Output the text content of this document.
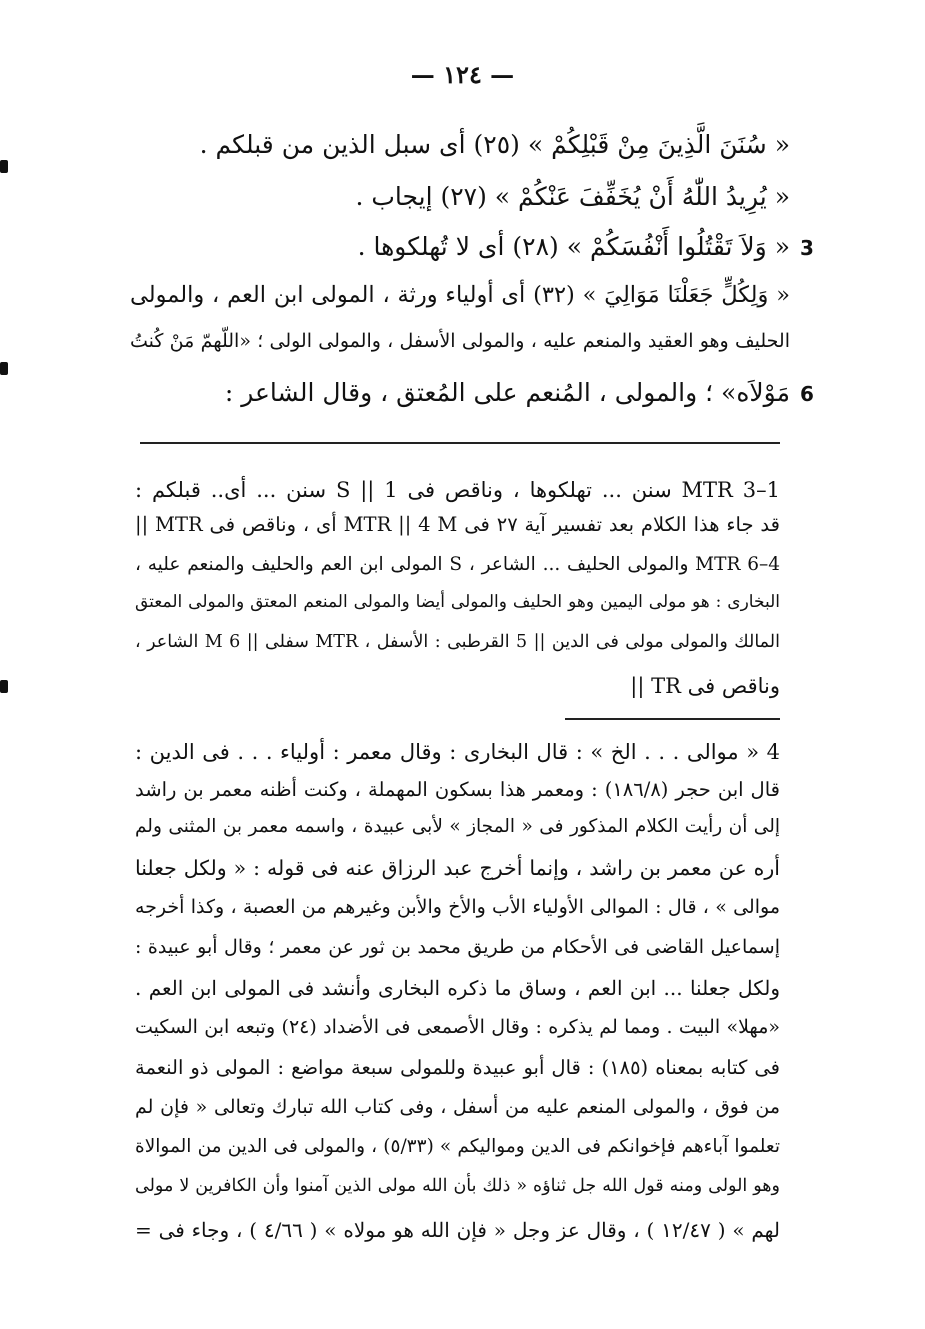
— ١٢٤ —
« سُنَنَ الَّذِينَ مِنْ قَبْلِكُمْ » (٢٥) أى سبل الذين من قبلكم .
« يُرِيدُ اللّٰهُ أَنْ يُخَفِّفَ عَنْكُمْ » (٢٧) إيجاب .
« وَلاَ تَقْتُلُوا أَنْفُسَكُمْ » (٢٨) أى لا تُهلكوها .
« وَلِكُلٍّ جَعَلْنَا مَوَالِيَ » (٣٢) أى أولياء ورثة ، المولى ابن العم ، والمولى
الحليف وهو العقيد والمنعم عليه ، والمولى الأسفل ، والمولى الولى ؛ «اللّهمّ مَنْ كُنتُ
مَوْلاَه» ؛ والمولى ، المُنعم على المُعتق ، وقال الشاعر :
3
6
1–3 MTR سنن ... تهلكوها ، وناقص فى S || 1 سنن ... أى.. قبلكم :
قد جاء هذا الكلام بعد تفسير آية ٢٧ فى MTR || 4 M أى ، وناقص فى MTR ||
4–6 MTR والمولى الحليف ... الشاعر ، S المولى ابن العم والحليف والمنعم عليه ،
البخارى : هو مولى اليمين وهو الحليف والمولى أيضا والمولى المنعم المعتق والمولى المعتق
المالك والمولى مولى فى الدين || 5 القرطبى : الأسفل ، MTR سفلى || 6 M الشاعر ،
وناقص فى TR ||
4 « موالى . . . الخ » : قال البخارى : وقال معمر : أولياء . . . فى الدين :
قال ابن حجر (١٨٦/٨) : ومعمر هذا بسكون المهملة ، وكنت أظنه معمر بن راشد
إلى أن رأيت الكلام المذكور فى « المجاز » لأبى عبيدة ، واسمه معمر بن المثنى ولم
أره عن معمر بن راشد ، وإنما أخرج عبد الرزاق عنه فى قوله : « ولكل جعلنا
موالى » ، قال : الموالى الأولياء الأب والأخ والأبن وغيرهم من العصبة ، وكذا أخرجه
إسماعيل القاضى فى الأحكام من طريق محمد بن ثور عن معمر ؛ وقال أبو عبيدة :
ولكل جعلنا ... ابن العم ، وساق ما ذكره البخارى وأنشد فى المولى ابن العم .
«مهلا» البيت . ومما لم يذكره : وقال الأصمعى فى الأضداد (٢٤) وتبعه ابن السكيت
فى كتابه بمعناه (١٨٥) : قال أبو عبيدة وللمولى سبعة مواضع : المولى ذو النعمة
من فوق ، والمولى المنعم عليه من أسفل ، وفى كتاب الله تبارك وتعالى « فإن لم
تعلموا آباءهم فإخوانكم فى الدين ومواليكم » (٥/٣٣) ، والمولى فى الدين من الموالاة
وهو الولى ومنه قول الله جل ثناؤه « ذلك بأن الله مولى الذين آمنوا وأن الكافرين لا مولى
لهم » ( ١٢/٤٧ ) ، وقال عز وجل « فإن الله هو مولاه » ( ٤/٦٦ ) ، وجاء فى =
